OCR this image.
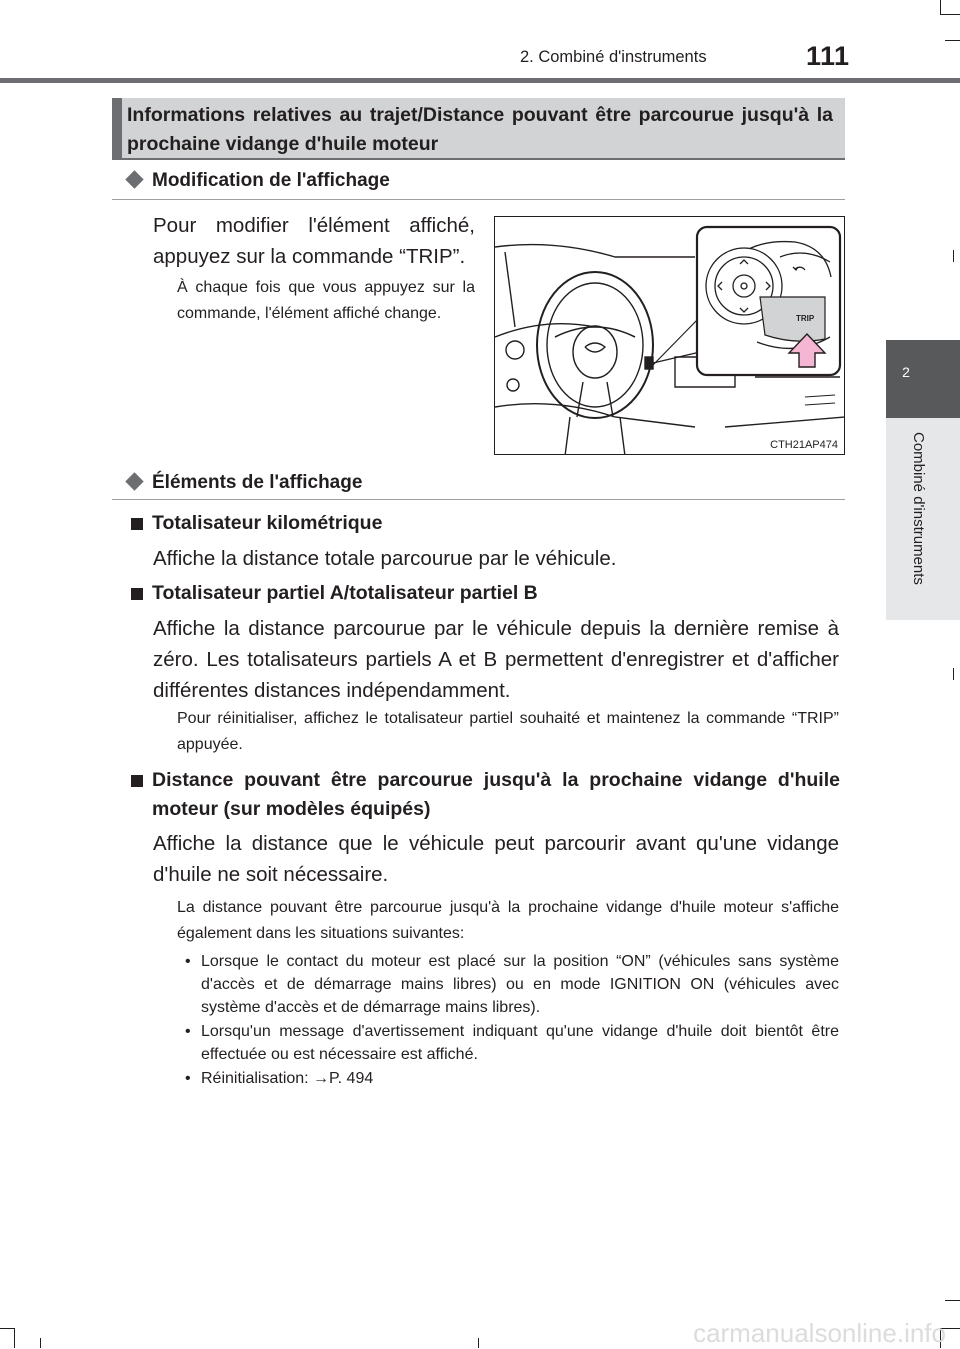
2. Combiné d'instruments	111
2
Combiné d'instruments
Informations relatives au trajet/Distance pouvant être parcourue jusqu'à la prochaine vidange d'huile moteur
Modification de l'affichage
Pour modifier l'élément affiché, appuyez sur la commande “TRIP”.
À chaque fois que vous appuyez sur la commande, l'élément affiché change.	TRIP
CTH21AP474
Éléments de l'affichage
Totalisateur kilométrique
Affiche la distance totale parcourue par le véhicule.
Totalisateur partiel A/totalisateur partiel B
Affiche la distance parcourue par le véhicule depuis la dernière remise à zéro. Les totalisateurs partiels A et B permettent d'enregistrer et d'afficher différentes distances indépendamment.
Pour réinitialiser, affichez le totalisateur partiel souhaité et maintenez la commande “TRIP” appuyée.
Distance pouvant être parcourue jusqu'à la prochaine vidange d'huile moteur (sur modèles équipés)
Affiche la distance que le véhicule peut parcourir avant qu'une vidange d'huile ne soit nécessaire.
La distance pouvant être parcourue jusqu'à la prochaine vidange d'huile moteur s'affiche également dans les situations suivantes:
• Lorsque le contact du moteur est placé sur la position “ON” (véhicules sans système d'accès et de démarrage mains libres) ou en mode IGNITION ON (véhicules avec système d'accès et de démarrage mains libres).
• Lorsqu'un message d'avertissement indiquant qu'une vidange d'huile doit bientôt être effectuée ou est nécessaire est affiché.
• Réinitialisation: →P. 494
carmanualsonline.info
